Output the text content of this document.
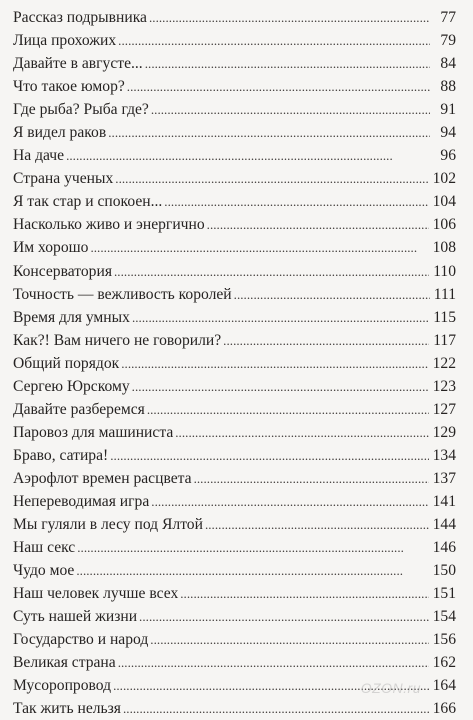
Рассказ подрывника . . .	77
Лица прохожих . . .	79
Давайте в августе... . . .	84
Что такое юмор? . . .	88
Где рыба? Рыба где? . . .	91
Я видел раков . . .	94
На даче . . .	96
Страна ученых . . .	102
Я так стар и спокоен... . . .	104
Насколько живо и энергично . . .	106
Им хорошо . . .	108
Консерватория . . .	110
Точность — вежливость королей . . .	111
Время для умных . . .	115
Как?! Вам ничего не говорили? . . .	117
Общий порядок . . .	122
Сергею Юрскому . . .	123
Давайте разберемся . . .	127
Паровоз для машиниста . . .	129
Браво, сатира! . . .	134
Аэрофлот времен расцвета . . .	137
Непереводимая игра . . .	141
Мы гуляли в лесу под Ялтой . . .	144
Наш секс . . .	146
Чудо мое . . .	150
Наш человек лучше всех . . .	151
Суть нашей жизни . . .	154
Государство и народ . . .	156
Великая страна . . .	162
Мусоропровод . . .	164
Так жить нельзя . . .	166
OZON.ru
